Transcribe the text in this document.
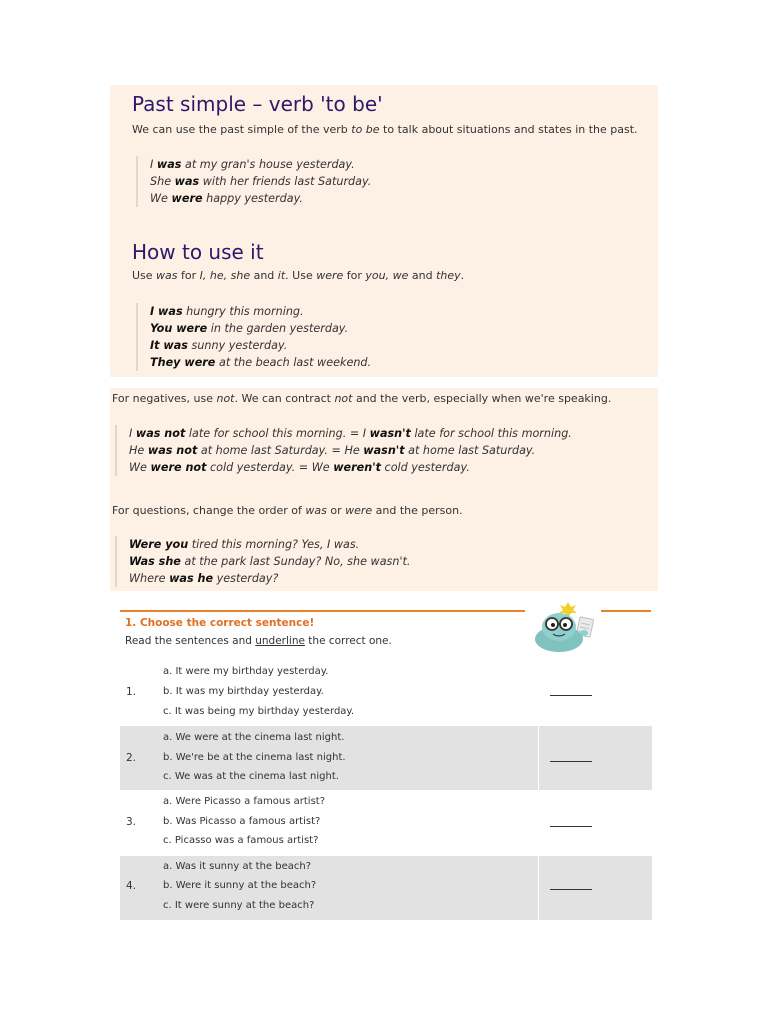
Past simple – verb 'to be'
We can use the past simple of the verb to be to talk about situations and states in the past.
I was at my gran's house yesterday.
She was with her friends last Saturday.
We were happy yesterday.
How to use it
Use was for I, he, she and it. Use were for you, we and they.
I was hungry this morning.
You were in the garden yesterday.
It was sunny yesterday.
They were at the beach last weekend.
For negatives, use not. We can contract not and the verb, especially when we're speaking.
I was not late for school this morning. = I wasn't late for school this morning.
He was not at home last Saturday. = He wasn't at home last Saturday.
We were not cold yesterday. = We weren't cold yesterday.
For questions, change the order of was or were and the person.
Were you tired this morning? Yes, I was.
Was she at the park last Sunday? No, she wasn't.
Where was he yesterday?
1. Choose the correct sentence!
Read the sentences and underline the correct one.
1.
a. It were my birthday yesterday.
b. It was my birthday yesterday.
c. It was being my birthday yesterday.
2.
a. We were at the cinema last night.
b. We're be at the cinema last night.
c. We was at the cinema last night.
3.
a. Were Picasso a famous artist?
b. Was Picasso a famous artist?
c. Picasso was a famous artist?
4.
a. Was it sunny at the beach?
b. Were it sunny at the beach?
c. It were sunny at the beach?
